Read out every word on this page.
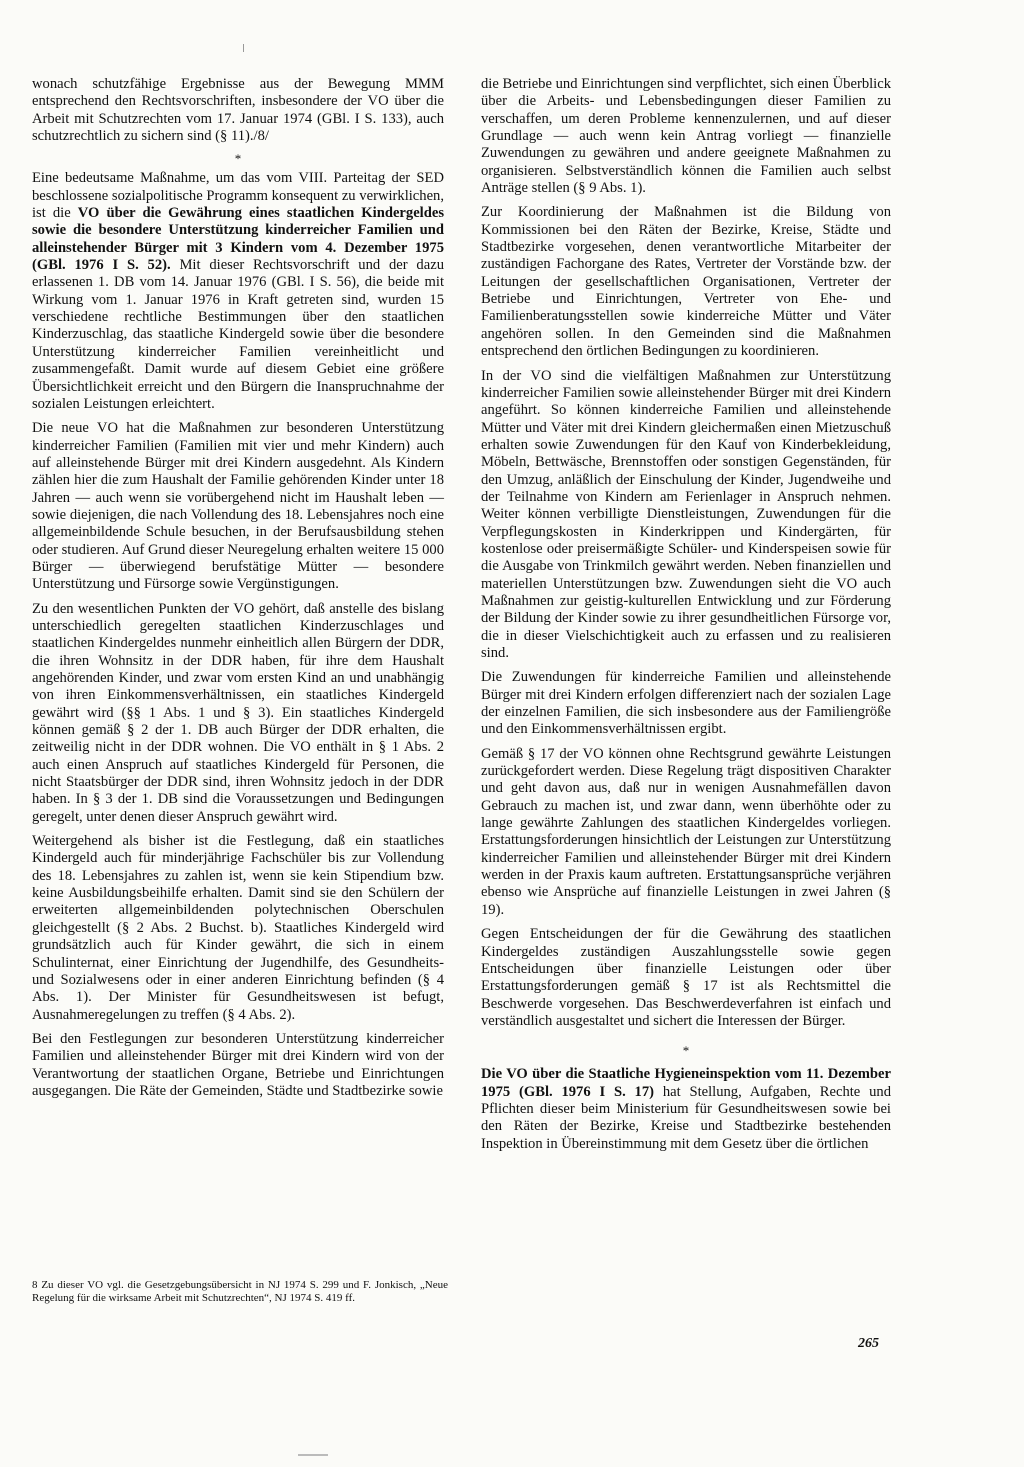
wonach schutzfähige Ergebnisse aus der Bewegung MMM entsprechend den Rechtsvorschriften, insbesondere der VO über die Arbeit mit Schutzrechten vom 17. Januar 1974 (GBl. I S. 133), auch schutzrechtlich zu sichern sind (§ 11)./8/

*

Eine bedeutsame Maßnahme, um das vom VIII. Parteitag der SED beschlossene sozialpolitische Programm konsequent zu verwirklichen, ist die VO über die Gewährung eines staatlichen Kindergeldes sowie die besondere Unterstützung kinderreicher Familien und alleinstehender Bürger mit 3 Kindern vom 4. Dezember 1975 (GBl. 1976 I S. 52). Mit dieser Rechtsvorschrift und der dazu erlassenen 1. DB vom 14. Januar 1976 (GBl. I S. 56), die beide mit Wirkung vom 1. Januar 1976 in Kraft getreten sind, wurden 15 verschiedene rechtliche Bestimmungen über den staatlichen Kinderzuschlag, das staatliche Kindergeld sowie über die besondere Unterstützung kinderreicher Familien vereinheitlicht und zusammengefaßt. Damit wurde auf diesem Gebiet eine größere Übersichtlichkeit erreicht und den Bürgern die Inanspruchnahme der sozialen Leistungen erleichtert.

Die neue VO hat die Maßnahmen zur besonderen Unterstützung kinderreicher Familien (Familien mit vier und mehr Kindern) auch auf alleinstehende Bürger mit drei Kindern ausgedehnt. Als Kindern zählen hier die zum Haushalt der Familie gehörenden Kinder unter 18 Jahren — auch wenn sie vorübergehend nicht im Haushalt leben — sowie diejenigen, die nach Vollendung des 18. Lebensjahres noch eine allgemeinbildende Schule besuchen, in der Berufsausbildung stehen oder studieren. Auf Grund dieser Neuregelung erhalten weitere 15 000 Bürger — überwiegend berufstätige Mütter — besondere Unterstützung und Fürsorge sowie Vergünstigungen.

Zu den wesentlichen Punkten der VO gehört, daß anstelle des bislang unterschiedlich geregelten staatlichen Kinderzuschlages und staatlichen Kindergeldes nunmehr einheitlich allen Bürgern der DDR, die ihren Wohnsitz in der DDR haben, für ihre dem Haushalt angehörenden Kinder, und zwar vom ersten Kind an und unabhängig von ihren Einkommensverhältnissen, ein staatliches Kindergeld gewährt wird (§§ 1 Abs. 1 und § 3). Ein staatliches Kindergeld können gemäß § 2 der 1. DB auch Bürger der DDR erhalten, die zeitweilig nicht in der DDR wohnen. Die VO enthält in § 1 Abs. 2 auch einen Anspruch auf staatliches Kindergeld für Personen, die nicht Staatsbürger der DDR sind, ihren Wohnsitz jedoch in der DDR haben. In § 3 der 1. DB sind die Voraussetzungen und Bedingungen geregelt, unter denen dieser Anspruch gewährt wird.

Weitergehend als bisher ist die Festlegung, daß ein staatliches Kindergeld auch für minderjährige Fachschüler bis zur Vollendung des 18. Lebensjahres zu zahlen ist, wenn sie kein Stipendium bzw. keine Ausbildungsbeihilfe erhalten. Damit sind sie den Schülern der erweiterten allgemeinbildenden polytechnischen Oberschulen gleichgestellt (§ 2 Abs. 2 Buchst. b). Staatliches Kindergeld wird grundsätzlich auch für Kinder gewährt, die sich in einem Schulinternat, einer Einrichtung der Jugendhilfe, des Gesundheits- und Sozialwesens oder in einer anderen Einrichtung befinden (§ 4 Abs. 1). Der Minister für Gesundheitswesen ist befugt, Ausnahmeregelungen zu treffen (§ 4 Abs. 2).

Bei den Festlegungen zur besonderen Unterstützung kinderreicher Familien und alleinstehender Bürger mit drei Kindern wird von der Verantwortung der staatlichen Organe, Betriebe und Einrichtungen ausgegangen. Die Räte der Gemeinden, Städte und Stadtbezirke sowie

8 Zu dieser VO vgl. die Gesetzgebungsübersicht in NJ 1974 S. 299 und F. Jonkisch, „Neue Regelung für die wirksame Arbeit mit Schutzrechten“, NJ 1974 S. 419 ff.

die Betriebe und Einrichtungen sind verpflichtet, sich einen Überblick über die Arbeits- und Lebensbedingungen dieser Familien zu verschaffen, um deren Probleme kennenzulernen, und auf dieser Grundlage — auch wenn kein Antrag vorliegt — finanzielle Zuwendungen zu gewähren und andere geeignete Maßnahmen zu organisieren. Selbstverständlich können die Familien auch selbst Anträge stellen (§ 9 Abs. 1).

Zur Koordinierung der Maßnahmen ist die Bildung von Kommissionen bei den Räten der Bezirke, Kreise, Städte und Stadtbezirke vorgesehen, denen verantwortliche Mitarbeiter der zuständigen Fachorgane des Rates, Vertreter der Vorstände bzw. der Leitungen der gesellschaftlichen Organisationen, Vertreter der Betriebe und Einrichtungen, Vertreter von Ehe- und Familienberatungsstellen sowie kinderreiche Mütter und Väter angehören sollen. In den Gemeinden sind die Maßnahmen entsprechend den örtlichen Bedingungen zu koordinieren.

In der VO sind die vielfältigen Maßnahmen zur Unterstützung kinderreicher Familien sowie alleinstehender Bürger mit drei Kindern angeführt. So können kinderreiche Familien und alleinstehende Mütter und Väter mit drei Kindern gleichermaßen einen Mietzuschuß erhalten sowie Zuwendungen für den Kauf von Kinderbekleidung, Möbeln, Bettwäsche, Brennstoffen oder sonstigen Gegenständen, für den Umzug, anläßlich der Einschulung der Kinder, Jugendweihe und der Teilnahme von Kindern am Ferienlager in Anspruch nehmen. Weiter können verbilligte Dienstleistungen, Zuwendungen für die Verpflegungskosten in Kinderkrippen und Kindergärten, für kostenlose oder preisermäßigte Schüler- und Kinderspeisen sowie für die Ausgabe von Trinkmilch gewährt werden. Neben finanziellen und materiellen Unterstützungen bzw. Zuwendungen sieht die VO auch Maßnahmen zur geistig-kulturellen Entwicklung und zur Förderung der Bildung der Kinder sowie zu ihrer gesundheitlichen Fürsorge vor, die in dieser Vielschichtigkeit auch zu erfassen und zu realisieren sind.

Die Zuwendungen für kinderreiche Familien und alleinstehende Bürger mit drei Kindern erfolgen differenziert nach der sozialen Lage der einzelnen Familien, die sich insbesondere aus der Familiengröße und den Einkommensverhältnissen ergibt.

Gemäß § 17 der VO können ohne Rechtsgrund gewährte Leistungen zurückgefordert werden. Diese Regelung trägt dispositiven Charakter und geht davon aus, daß nur in wenigen Ausnahmefällen davon Gebrauch zu machen ist, und zwar dann, wenn überhöhte oder zu lange gewährte Zahlungen des staatlichen Kindergeldes vorliegen. Erstattungsforderungen hinsichtlich der Leistungen zur Unterstützung kinderreicher Familien und alleinstehender Bürger mit drei Kindern werden in der Praxis kaum auftreten. Erstattungsansprüche verjähren ebenso wie Ansprüche auf finanzielle Leistungen in zwei Jahren (§ 19).

Gegen Entscheidungen der für die Gewährung des staatlichen Kindergeldes zuständigen Auszahlungsstelle sowie gegen Entscheidungen über finanzielle Leistungen oder über Erstattungsforderungen gemäß § 17 ist als Rechtsmittel die Beschwerde vorgesehen. Das Beschwerdeverfahren ist einfach und verständlich ausgestaltet und sichert die Interessen der Bürger.

*

Die VO über die Staatliche Hygieneinspektion vom 11. Dezember 1975 (GBl. 1976 I S. 17) hat Stellung, Aufgaben, Rechte und Pflichten dieser beim Ministerium für Gesundheitswesen sowie bei den Räten der Bezirke, Kreise und Stadtbezirke bestehenden Inspektion in Übereinstimmung mit dem Gesetz über die örtlichen

265
